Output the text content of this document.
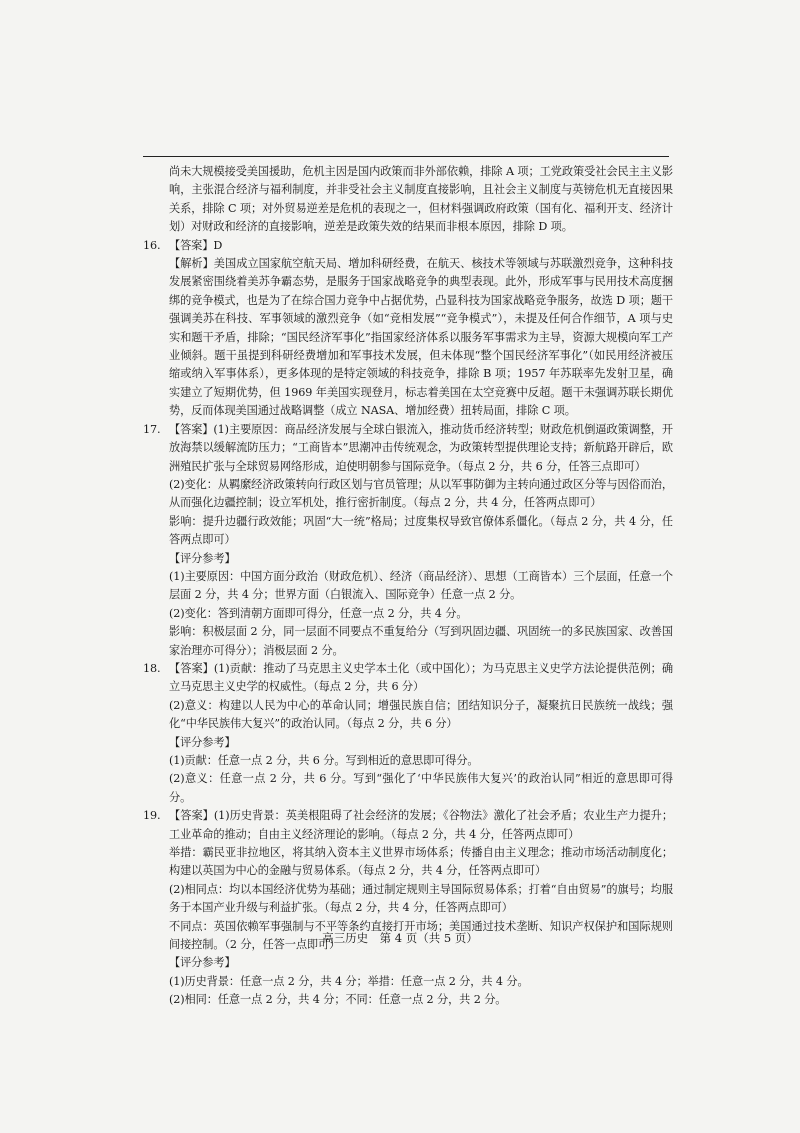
尚未大规模接受美国援助，危机主因是国内政策而非外部依赖，排除 A 项；工党政策受社会民主主义影响，主张混合经济与福利制度，并非受社会主义制度直接影响，且社会主义制度与英镑危机无直接因果关系，排除 C 项；对外贸易逆差是危机的表现之一，但材料强调政府政策（国有化、福利开支、经济计划）对财政和经济的直接影响，逆差是政策失效的结果而非根本原因，排除 D 项。

16. 【答案】D

【解析】美国成立国家航空航天局、增加科研经费，在航天、核技术等领域与苏联激烈竞争，这种科技发展紧密围绕着美苏争霸态势，是服务于国家战略竞争的典型表现。此外，形成军事与民用技术高度捆绑的竞争模式，也是为了在综合国力竞争中占据优势，凸显科技为国家战略竞争服务，故选 D 项；题干强调美苏在科技、军事领域的激烈竞争（如“竞相发展”“竞争模式”），未提及任何合作细节，A 项与史实和题干矛盾，排除；“国民经济军事化”指国家经济体系以服务军事需求为主导，资源大规模向军工产业倾斜。题干虽提到科研经费增加和军事技术发展，但未体现“整个国民经济军事化”（如民用经济被压缩或纳入军事体系），更多体现的是特定领域的科技竞争，排除 B 项；1957 年苏联率先发射卫星，确实建立了短期优势，但 1969 年美国实现登月，标志着美国在太空竞赛中反超。题干未强调苏联长期优势，反而体现美国通过战略调整（成立 NASA、增加经费）扭转局面，排除 C 项。

17. 【答案】(1)主要原因：商品经济发展与全球白银流入，推动货币经济转型；财政危机倒逼政策调整，开放海禁以缓解流防压力；“工商皆本”思潮冲击传统观念，为政策转型提供理论支持；新航路开辟后，欧洲殖民扩张与全球贸易网络形成，迫使明朝参与国际竞争。（每点 2 分，共 6 分，任答三点即可）

(2)变化：从羁縻经济政策转向行政区划与官员管理；从以军事防御为主转向通过政区分等与因俗而治，从而强化边疆控制；设立军机处，推行密折制度。（每点 2 分，共 4 分，任答两点即可）

影响：提升边疆行政效能；巩固“大一统”格局；过度集权导致官僚体系僵化。（每点 2 分，共 4 分，任答两点即可）

【评分参考】

(1)主要原因：中国方面分政治（财政危机）、经济（商品经济）、思想（工商皆本）三个层面，任意一个层面 2 分，共 4 分；世界方面（白银流入、国际竞争）任意一点 2 分。

(2)变化：答到清朝方面即可得分，任意一点 2 分，共 4 分。

影响：积极层面 2 分，同一层面不同要点不重复给分（写到巩固边疆、巩固统一的多民族国家、改善国家治理亦可得分）；消极层面 2 分。

18. 【答案】(1)贡献：推动了马克思主义史学本土化（或中国化）；为马克思主义史学方法论提供范例；确立马克思主义史学的权威性。（每点 2 分，共 6 分）

(2)意义：构建以人民为中心的革命认同；增强民族自信；团结知识分子，凝聚抗日民族统一战线；强化“中华民族伟大复兴”的政治认同。（每点 2 分，共 6 分）

【评分参考】

(1)贡献：任意一点 2 分，共 6 分。写到相近的意思即可得分。

(2)意义：任意一点 2 分，共 6 分。写到“强化了‘中华民族伟大复兴’的政治认同”相近的意思即可得分。

19. 【答案】(1)历史背景：英美根阻碍了社会经济的发展；《谷物法》激化了社会矛盾；农业生产力提升；工业革命的推动；自由主义经济理论的影响。（每点 2 分，共 4 分，任答两点即可）

举措：霸民亚非拉地区，将其纳入资本主义世界市场体系；传播自由主义理念；推动市场活动制度化；构建以英国为中心的金融与贸易体系。（每点 2 分，共 4 分，任答两点即可）

(2)相同点：均以本国经济优势为基础；通过制定规则主导国际贸易体系；打着“自由贸易”的旗号；均服务于本国产业升级与利益扩张。（每点 2 分，共 4 分，任答两点即可）

不同点：英国依赖军事强制与不平等条约直接打开市场；美国通过技术垄断、知识产权保护和国际规则间接控制。（2 分，任答一点即可）

【评分参考】

(1)历史背景：任意一点 2 分，共 4 分；举措：任意一点 2 分，共 4 分。

(2)相同：任意一点 2 分，共 4 分；不同：任意一点 2 分，共 2 分。

高三历史　第 4 页（共 5 页）
